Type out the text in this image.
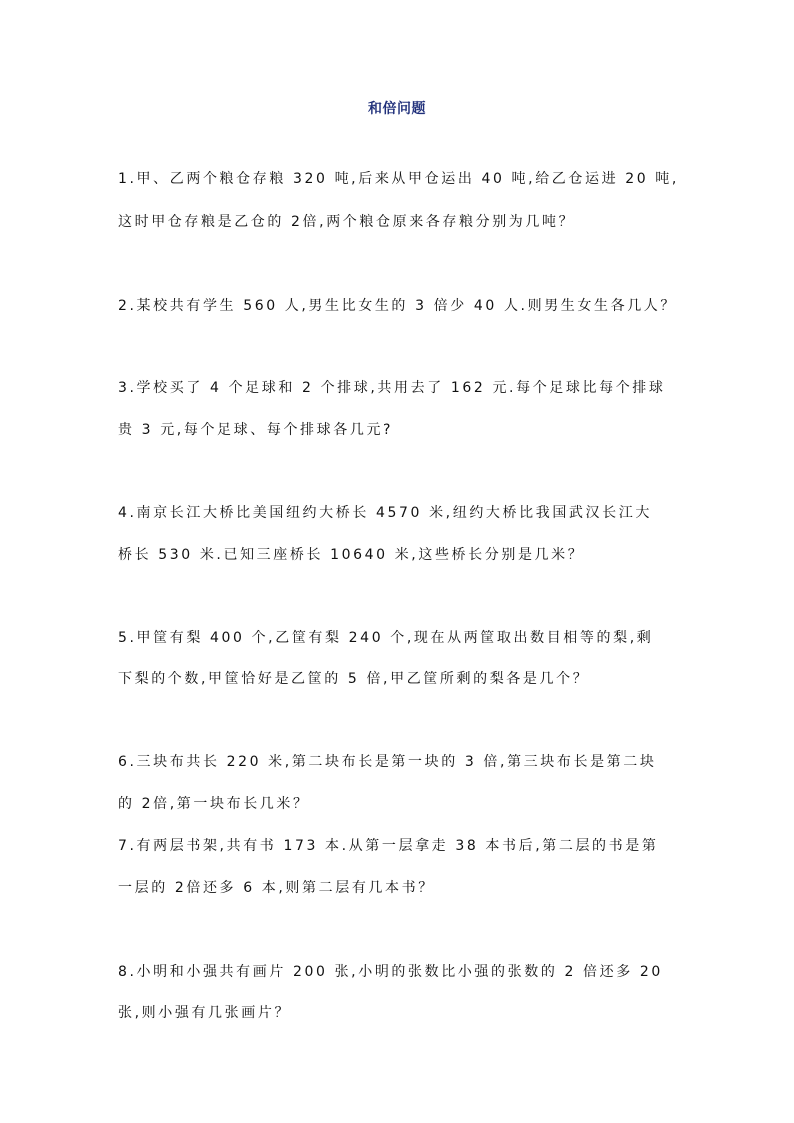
和倍问题
1.甲、乙两个粮仓存粮 320 吨,后来从甲仓运出 40 吨,给乙仓运进 20 吨,
这时甲仓存粮是乙仓的 2倍,两个粮仓原来各存粮分别为几吨？
2.某校共有学生 560 人,男生比女生的 3 倍少 40 人.则男生女生各几人？
3.学校买了 4 个足球和 2 个排球,共用去了 162 元.每个足球比每个排球
贵 3 元,每个足球、每个排球各几元?
4.南京长江大桥比美国纽约大桥长 4570 米,纽约大桥比我国武汉长江大
桥长 530 米.已知三座桥长 10640 米,这些桥长分别是几米？
5.甲筐有梨 400 个,乙筐有梨 240 个,现在从两筐取出数目相等的梨,剩
下梨的个数,甲筐恰好是乙筐的 5 倍,甲乙筐所剩的梨各是几个？
6.三块布共长 220 米,第二块布长是第一块的 3 倍,第三块布长是第二块
的 2倍,第一块布长几米？
7.有两层书架,共有书 173 本.从第一层拿走 38 本书后,第二层的书是第
一层的 2倍还多 6 本,则第二层有几本书？
8.小明和小强共有画片 200 张,小明的张数比小强的张数的 2 倍还多 20
张,则小强有几张画片？
